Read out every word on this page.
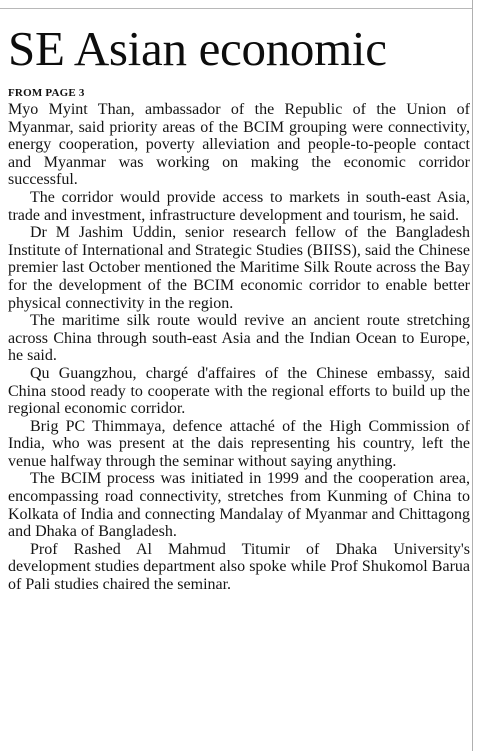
SE Asian economic
FROM PAGE 3

Myo Myint Than, ambassador of the Republic of the Union of Myanmar, said priority areas of the BCIM grouping were connectivity, energy cooperation, poverty alleviation and people-to-people contact and Myanmar was working on making the economic corridor successful.

The corridor would provide access to markets in south-east Asia, trade and investment, infrastructure development and tourism, he said.

Dr M Jashim Uddin, senior research fellow of the Bangladesh Institute of International and Strategic Studies (BIISS), said the Chinese premier last October mentioned the Maritime Silk Route across the Bay for the development of the BCIM economic corridor to enable better physical connectivity in the region.

The maritime silk route would revive an ancient route stretching across China through south-east Asia and the Indian Ocean to Europe, he said.

Qu Guangzhou, chargé d'affaires of the Chinese embassy, said China stood ready to cooperate with the regional efforts to build up the regional economic corridor.

Brig PC Thimmaya, defence attaché of the High Commission of India, who was present at the dais representing his country, left the venue halfway through the seminar without saying anything.

The BCIM process was initiated in 1999 and the cooperation area, encompassing road connectivity, stretches from Kunming of China to Kolkata of India and connecting Mandalay of Myanmar and Chittagong and Dhaka of Bangladesh.

Prof Rashed Al Mahmud Titumir of Dhaka University's development studies department also spoke while Prof Shukomol Barua of Pali studies chaired the seminar.
